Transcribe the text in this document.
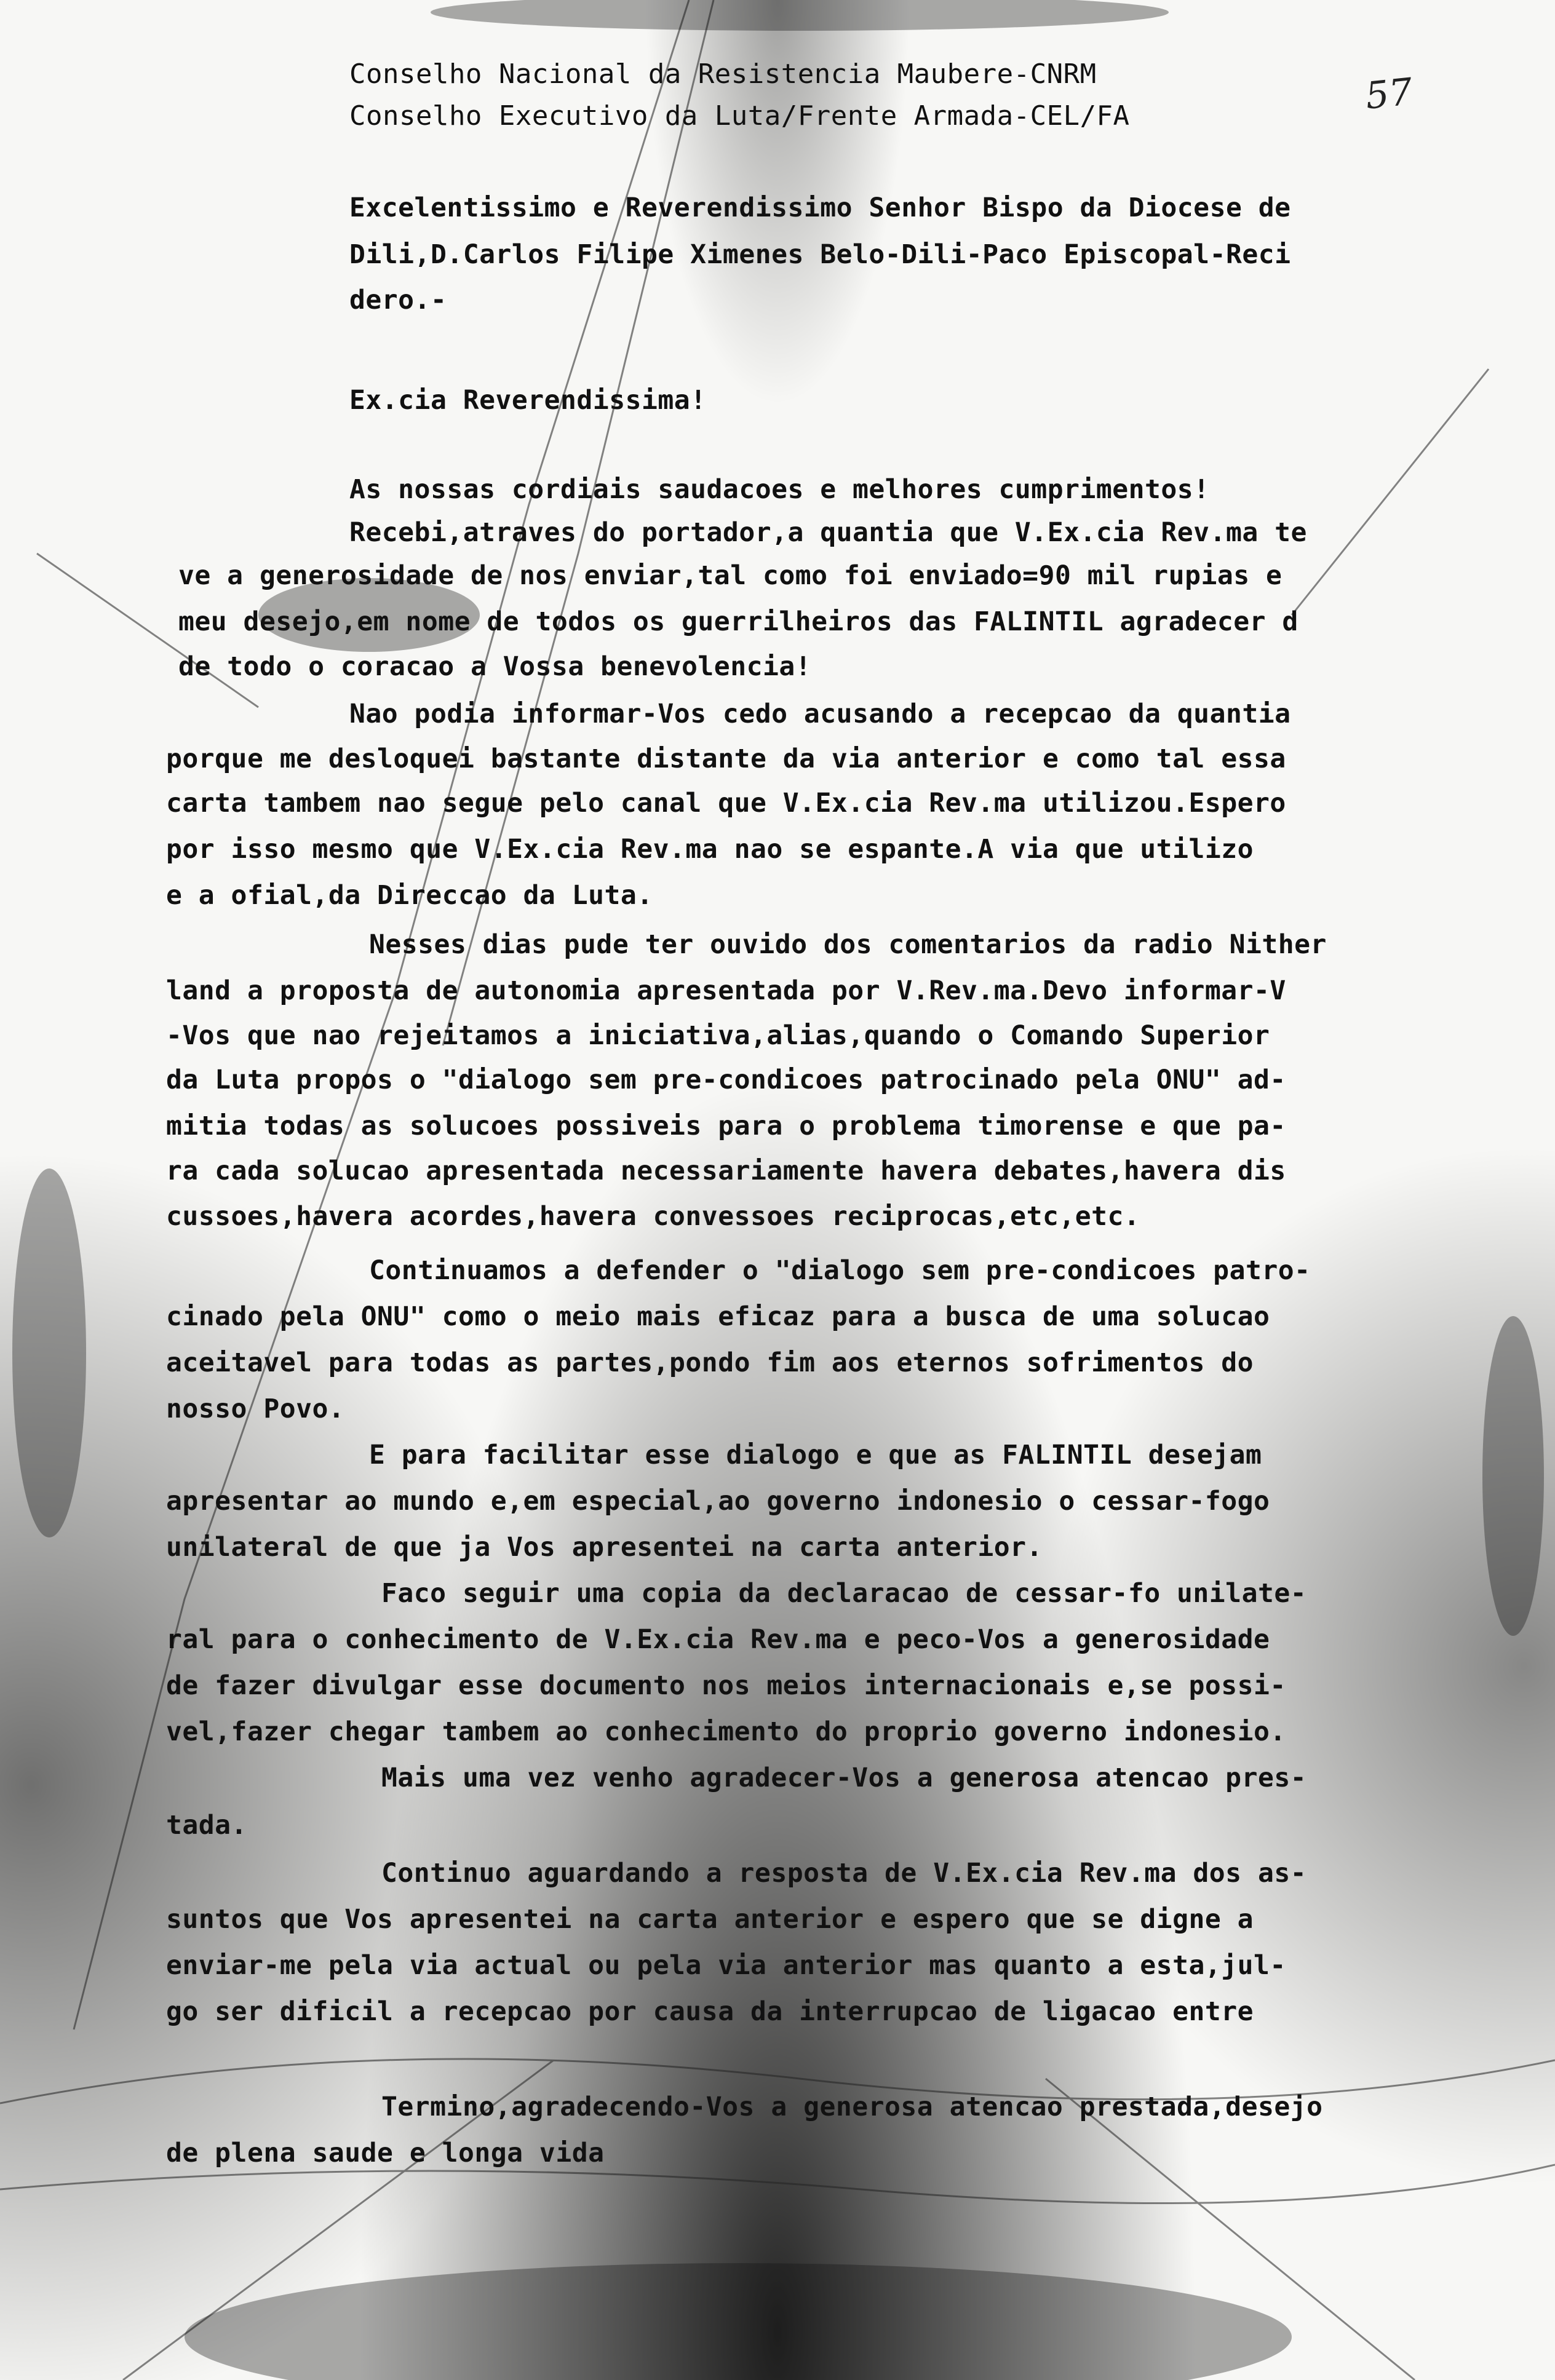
57
Conselho Nacional da Resistencia Maubere-CNRM
Conselho Executivo da Luta/Frente Armada-CEL/FA
Excelentissimo e Reverendissimo Senhor Bispo da Diocese de
Dili,D.Carlos Filipe Ximenes Belo-Dili-Paco Episcopal-Reci
dero.-
Ex.cia Reverendissima!
As nossas cordiais saudacoes e melhores cumprimentos!
Recebi,atraves do portador,a quantia que V.Ex.cia Rev.ma te
ve a generosidade de nos enviar,tal como foi enviado=90 mil rupias e
meu desejo,em nome de todos os guerrilheiros das FALINTIL agradecer d
de todo o coracao a Vossa benevolencia!
Nao podia informar-Vos cedo acusando a recepcao da quantia
porque me desloquei bastante distante da via anterior e como tal essa
carta tambem nao segue pelo canal que V.Ex.cia Rev.ma utilizou.Espero
por isso mesmo que V.Ex.cia Rev.ma nao se espante.A via que utilizo
e a ofial,da Direccao da Luta.
Nesses dias pude ter ouvido dos comentarios da radio Nither
land a proposta de autonomia apresentada por V.Rev.ma.Devo informar-V
-Vos que nao rejeitamos a iniciativa,alias,quando o Comando Superior
da Luta propos o "dialogo sem pre-condicoes patrocinado pela ONU" ad-
mitia todas as solucoes possiveis para o problema timorense e que pa-
ra cada solucao apresentada necessariamente havera debates,havera dis
cussoes,havera acordes,havera convessoes reciprocas,etc,etc.
Continuamos a defender o "dialogo sem pre-condicoes patro-
cinado pela ONU" como o meio mais eficaz para a busca de uma solucao
aceitavel para todas as partes,pondo fim aos eternos sofrimentos do
nosso Povo.
E para facilitar esse dialogo e que as FALINTIL desejam
apresentar ao mundo e,em especial,ao governo indonesio o cessar-fogo
unilateral de que ja Vos apresentei na carta anterior.
Faco seguir uma copia da declaracao de cessar-fo unilate-
ral para o conhecimento de V.Ex.cia Rev.ma e peco-Vos a generosidade
de fazer divulgar esse documento nos meios internacionais e,se possi-
vel,fazer chegar tambem ao conhecimento do proprio governo indonesio.
Mais uma vez venho agradecer-Vos a generosa atencao pres-
tada.
Continuo aguardando a resposta de V.Ex.cia Rev.ma dos as-
suntos que Vos apresentei na carta anterior e espero que se digne a
enviar-me pela via actual ou pela via anterior mas quanto a esta,jul-
go ser dificil a recepcao por causa da interrupcao de ligacao entre
Termino,agradecendo-Vos a generosa atencao prestada,desejo
de plena saude e longa vida
